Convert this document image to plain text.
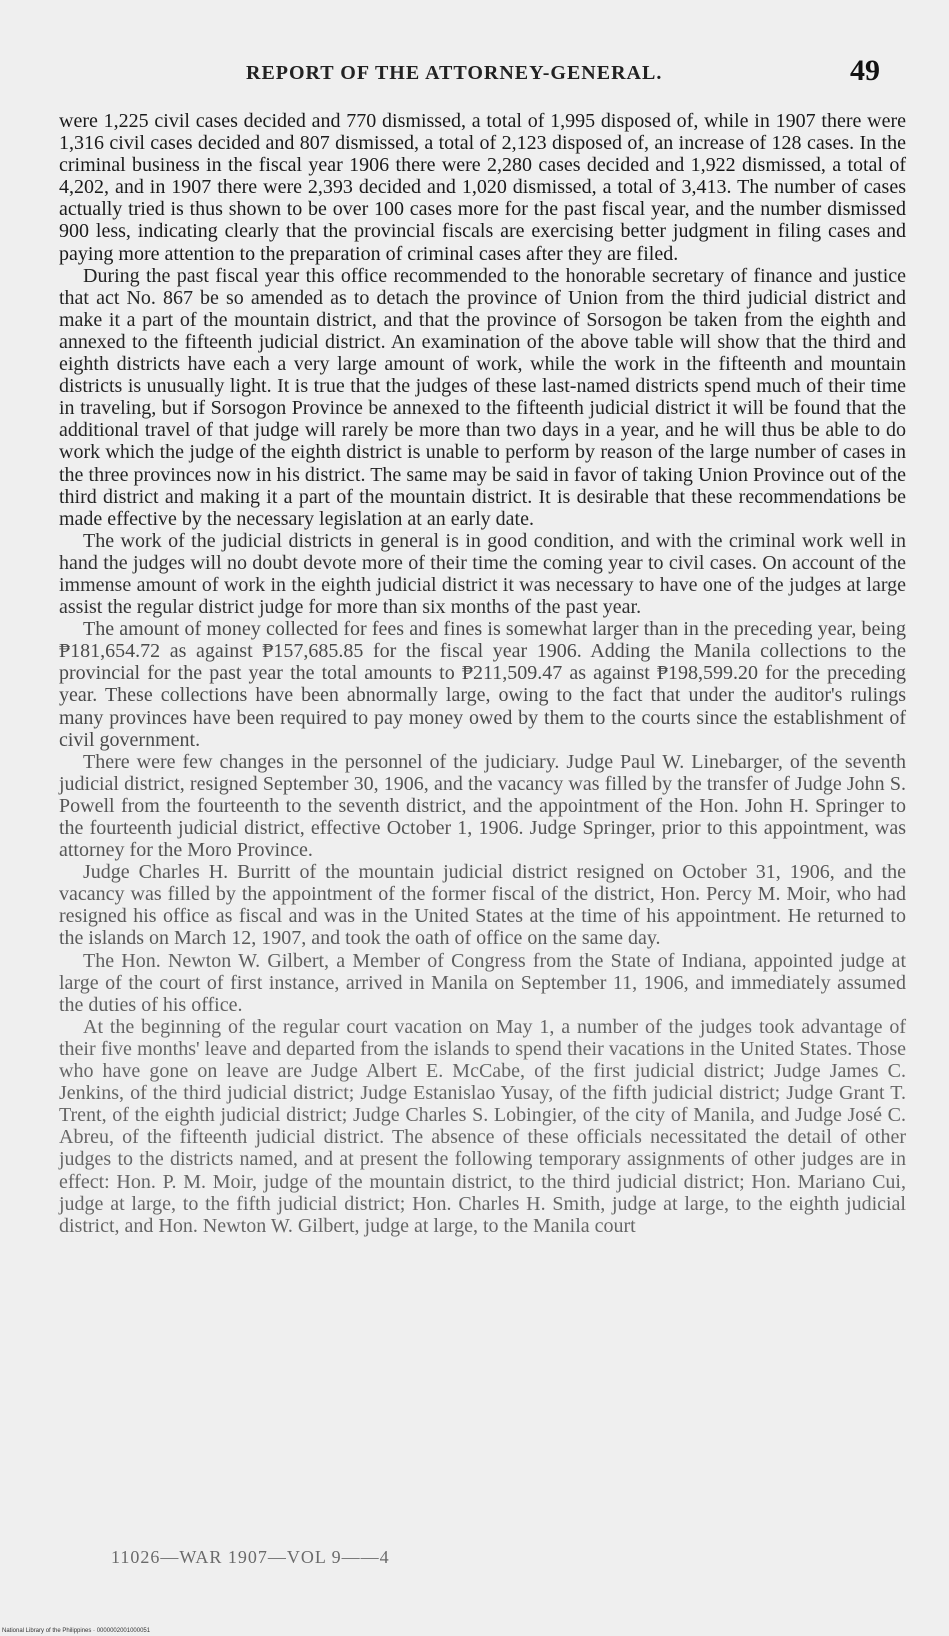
REPORT OF THE ATTORNEY-GENERAL.	49

were 1,225 civil cases decided and 770 dismissed, a total of 1,995 disposed of, while in 1907 there were 1,316 civil cases decided and 807 dismissed, a total of 2,123 disposed of, an increase of 128 cases. In the criminal business in the fiscal year 1906 there were 2,280 cases decided and 1,922 dismissed, a total of 4,202, and in 1907 there were 2,393 decided and 1,020 dismissed, a total of 3,413. The number of cases actually tried is thus shown to be over 100 cases more for the past fiscal year, and the number dismissed 900 less, indicating clearly that the provincial fiscals are exercising better judgment in filing cases and paying more attention to the preparation of criminal cases after they are filed.

During the past fiscal year this office recommended to the honorable secretary of finance and justice that act No. 867 be so amended as to detach the province of Union from the third judicial district and make it a part of the mountain district, and that the province of Sorsogon be taken from the eighth and annexed to the fifteenth judicial district. An examination of the above table will show that the third and eighth districts have each a very large amount of work, while the work in the fifteenth and mountain districts is unusually light. It is true that the judges of these last-named districts spend much of their time in traveling, but if Sorsogon Province be annexed to the fifteenth judicial district it will be found that the additional travel of that judge will rarely be more than two days in a year, and he will thus be able to do work which the judge of the eighth district is unable to perform by reason of the large number of cases in the three provinces now in his district. The same may be said in favor of taking Union Province out of the third district and making it a part of the mountain district. It is desirable that these recommendations be made effective by the necessary legislation at an early date.

The work of the judicial districts in general is in good condition, and with the criminal work well in hand the judges will no doubt devote more of their time the coming year to civil cases. On account of the immense amount of work in the eighth judicial district it was necessary to have one of the judges at large assist the regular district judge for more than six months of the past year.

The amount of money collected for fees and fines is somewhat larger than in the preceding year, being ₱181,654.72 as against ₱157,685.85 for the fiscal year 1906. Adding the Manila collections to the provincial for the past year the total amounts to ₱211,509.47 as against ₱198,599.20 for the preceding year. These collections have been abnormally large, owing to the fact that under the auditor's rulings many provinces have been required to pay money owed by them to the courts since the establishment of civil government.

There were few changes in the personnel of the judiciary. Judge Paul W. Linebarger, of the seventh judicial district, resigned September 30, 1906, and the vacancy was filled by the transfer of Judge John S. Powell from the fourteenth to the seventh district, and the appointment of the Hon. John H. Springer to the fourteenth judicial district, effective October 1, 1906. Judge Springer, prior to this appointment, was attorney for the Moro Province.

Judge Charles H. Burritt of the mountain judicial district resigned on October 31, 1906, and the vacancy was filled by the appointment of the former fiscal of the district, Hon. Percy M. Moir, who had resigned his office as fiscal and was in the United States at the time of his appointment. He returned to the islands on March 12, 1907, and took the oath of office on the same day.

The Hon. Newton W. Gilbert, a Member of Congress from the State of Indiana, appointed judge at large of the court of first instance, arrived in Manila on September 11, 1906, and immediately assumed the duties of his office.

At the beginning of the regular court vacation on May 1, a number of the judges took advantage of their five months' leave and departed from the islands to spend their vacations in the United States. Those who have gone on leave are Judge Albert E. McCabe, of the first judicial district; Judge James C. Jenkins, of the third judicial district; Judge Estanislao Yusay, of the fifth judicial district; Judge Grant T. Trent, of the eighth judicial district; Judge Charles S. Lobingier, of the city of Manila, and Judge José C. Abreu, of the fifteenth judicial district. The absence of these officials necessitated the detail of other judges to the districts named, and at present the following temporary assignments of other judges are in effect: Hon. P. M. Moir, judge of the mountain district, to the third judicial district; Hon. Mariano Cui, judge at large, to the fifth judicial district; Hon. Charles H. Smith, judge at large, to the eighth judicial district, and Hon. Newton W. Gilbert, judge at large, to the Manila court

11026—WAR 1907—VOL 9——4
National Library of the Philippines · 0000002001000051
